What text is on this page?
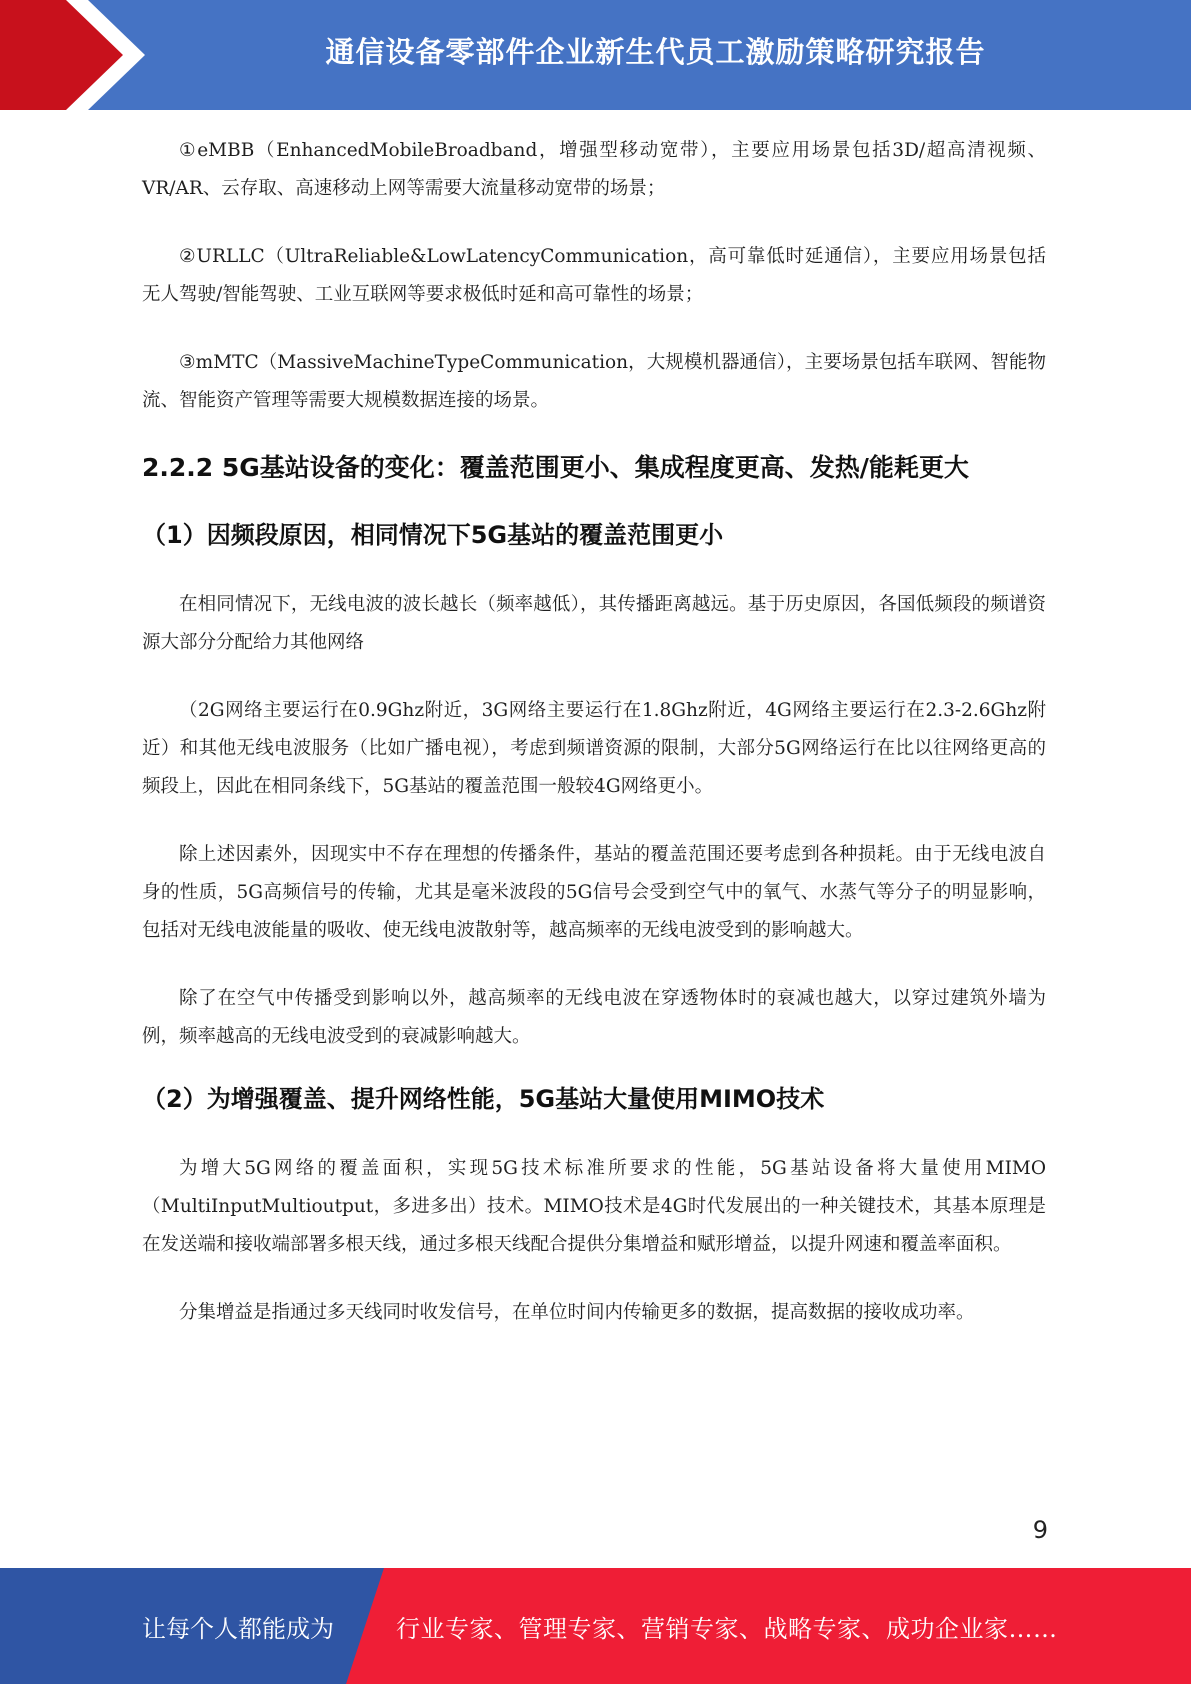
通信设备零部件企业新生代员工激励策略研究报告

①eMBB（EnhancedMobileBroadband，增强型移动宽带），主要应用场景包括3D/超高清视频、VR/AR、云存取、高速移动上网等需要大流量移动宽带的场景；

②URLLC（UltraReliable&LowLatencyCommunication，高可靠低时延通信），主要应用场景包括无人驾驶/智能驾驶、工业互联网等要求极低时延和高可靠性的场景；

③mMTC（MassiveMachineTypeCommunication，大规模机器通信），主要场景包括车联网、智能物流、智能资产管理等需要大规模数据连接的场景。

2.2.2 5G基站设备的变化：覆盖范围更小、集成程度更高、发热/能耗更大
（1）因频段原因，相同情况下5G基站的覆盖范围更小

在相同情况下，无线电波的波长越长（频率越低），其传播距离越远。基于历史原因，各国低频段的频谱资源大部分分配给力其他网络

（2G网络主要运行在0.9Ghz附近，3G网络主要运行在1.8Ghz附近，4G网络主要运行在2.3-2.6Ghz附近）和其他无线电波服务（比如广播电视），考虑到频谱资源的限制，大部分5G网络运行在比以往网络更高的频段上，因此在相同条线下，5G基站的覆盖范围一般较4G网络更小。

除上述因素外，因现实中不存在理想的传播条件，基站的覆盖范围还要考虑到各种损耗。由于无线电波自身的性质，5G高频信号的传输，尤其是毫米波段的5G信号会受到空气中的氧气、水蒸气等分子的明显影响，包括对无线电波能量的吸收、使无线电波散射等，越高频率的无线电波受到的影响越大。

除了在空气中传播受到影响以外，越高频率的无线电波在穿透物体时的衰减也越大，以穿过建筑外墙为例，频率越高的无线电波受到的衰减影响越大。

（2）为增强覆盖、提升网络性能，5G基站大量使用MIMO技术

为增大5G网络的覆盖面积，实现5G技术标准所要求的性能，5G基站设备将大量使用MIMO（MultiInputMultioutput，多进多出）技术。MIMO技术是4G时代发展出的一种关键技术，其基本原理是在发送端和接收端部署多根天线，通过多根天线配合提供分集增益和赋形增益，以提升网速和覆盖率面积。

分集增益是指通过多天线同时收发信号，在单位时间内传输更多的数据，提高数据的接收成功率。

9
让每个人都能成为	行业专家、管理专家、营销专家、战略专家、成功企业家……
